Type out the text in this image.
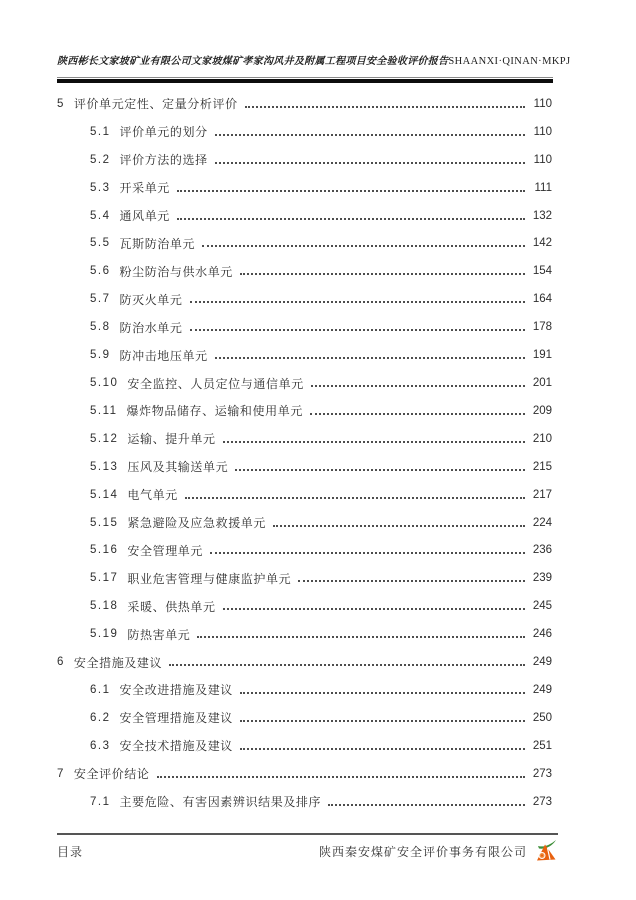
陕西彬长文家坡矿业有限公司文家坡煤矿孝家沟风井及附属工程项目安全验收评价报告 SHAANXI·QINAN·MKPJ
5 评价单元定性、定量分析评价	110
5.1 评价单元的划分	110
5.2 评价方法的选择	110
5.3 开采单元	111
5.4 通风单元	132
5.5 瓦斯防治单元	142
5.6 粉尘防治与供水单元	154
5.7 防灭火单元	164
5.8 防治水单元	178
5.9 防冲击地压单元	191
5.10 安全监控、人员定位与通信单元	201
5.11 爆炸物品储存、运输和使用单元	209
5.12 运输、提升单元	210
5.13 压风及其输送单元	215
5.14 电气单元	217
5.15 紧急避险及应急救援单元	224
5.16 安全管理单元	236
5.17 职业危害管理与健康监护单元	239
5.18 采暖、供热单元	245
5.19 防热害单元	246
6 安全措施及建议	249
6.1 安全改进措施及建议	249
6.2 安全管理措施及建议	250
6.3 安全技术措施及建议	251
7 安全评价结论	273
7.1 主要危险、有害因素辨识结果及排序	273
目录	陕西秦安煤矿安全评价事务有限公司
